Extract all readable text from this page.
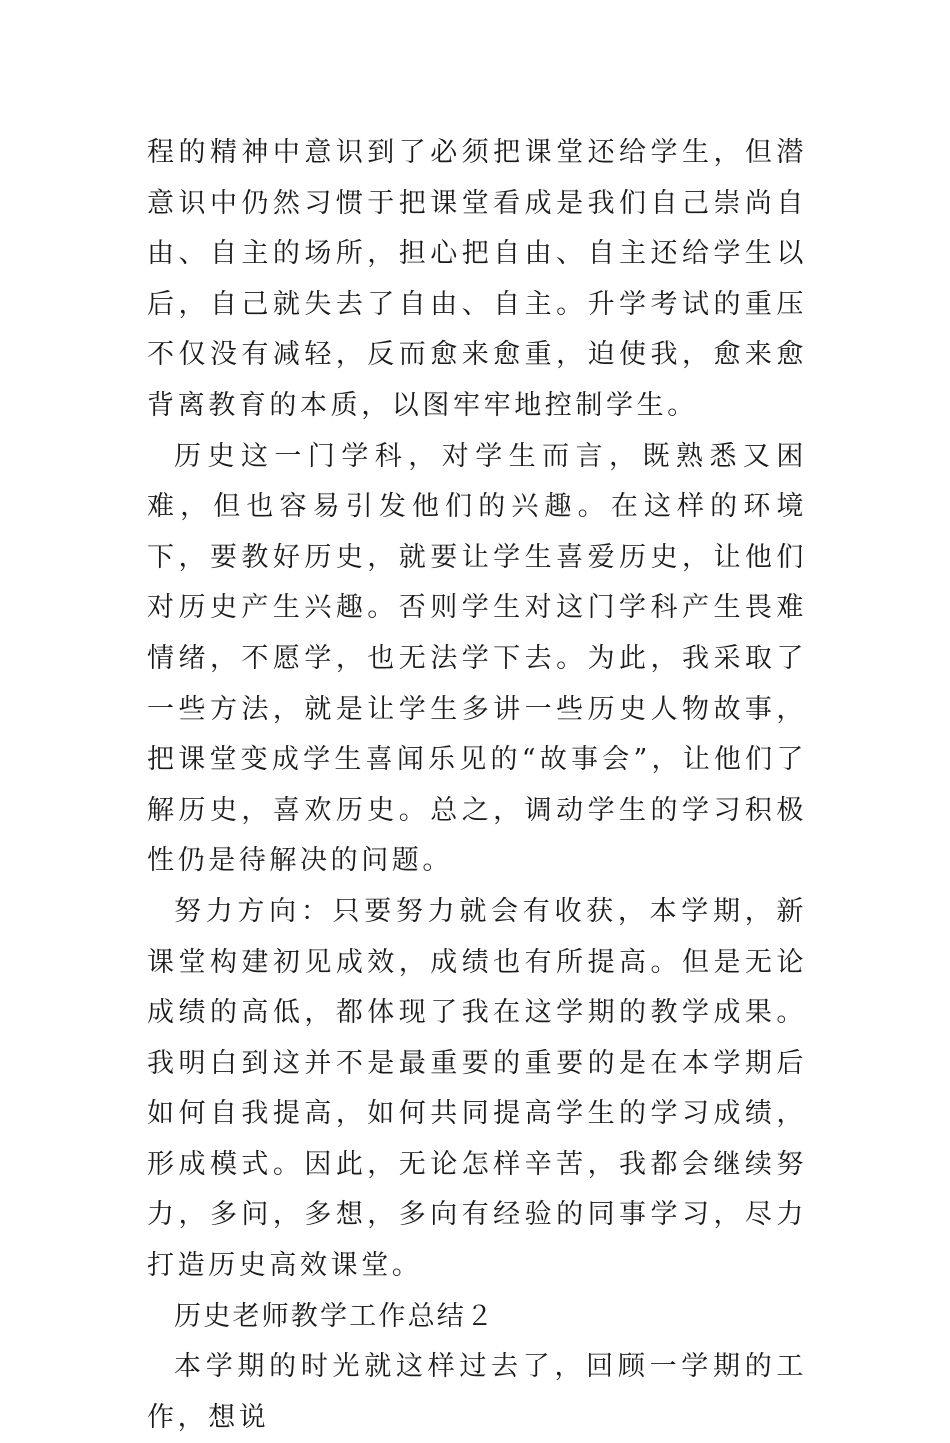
程的精神中意识到了必须把课堂还给学生，但潜意识中仍然习惯于把课堂看成是我们自己崇尚自由、自主的场所，担心把自由、自主还给学生以后，自己就失去了自由、自主。升学考试的重压不仅没有减轻，反而愈来愈重，迫使我，愈来愈背离教育的本质，以图牢牢地控制学生。

历史这一门学科，对学生而言，既熟悉又困难，但也容易引发他们的兴趣。在这样的环境下，要教好历史，就要让学生喜爱历史，让他们对历史产生兴趣。否则学生对这门学科产生畏难情绪，不愿学，也无法学下去。为此，我采取了一些方法，就是让学生多讲一些历史人物故事，把课堂变成学生喜闻乐见的“故事会”，让他们了解历史，喜欢历史。总之，调动学生的学习积极性仍是待解决的问题。

努力方向：只要努力就会有收获，本学期，新课堂构建初见成效，成绩也有所提高。但是无论成绩的高低，都体现了我在这学期的教学成果。我明白到这并不是最重要的重要的是在本学期后如何自我提高，如何共同提高学生的学习成绩，形成模式。因此，无论怎样辛苦，我都会继续努力，多问，多想，多向有经验的同事学习，尽力打造历史高效课堂。

历史老师教学工作总结２

本学期的时光就这样过去了，回顾一学期的工作，想说
